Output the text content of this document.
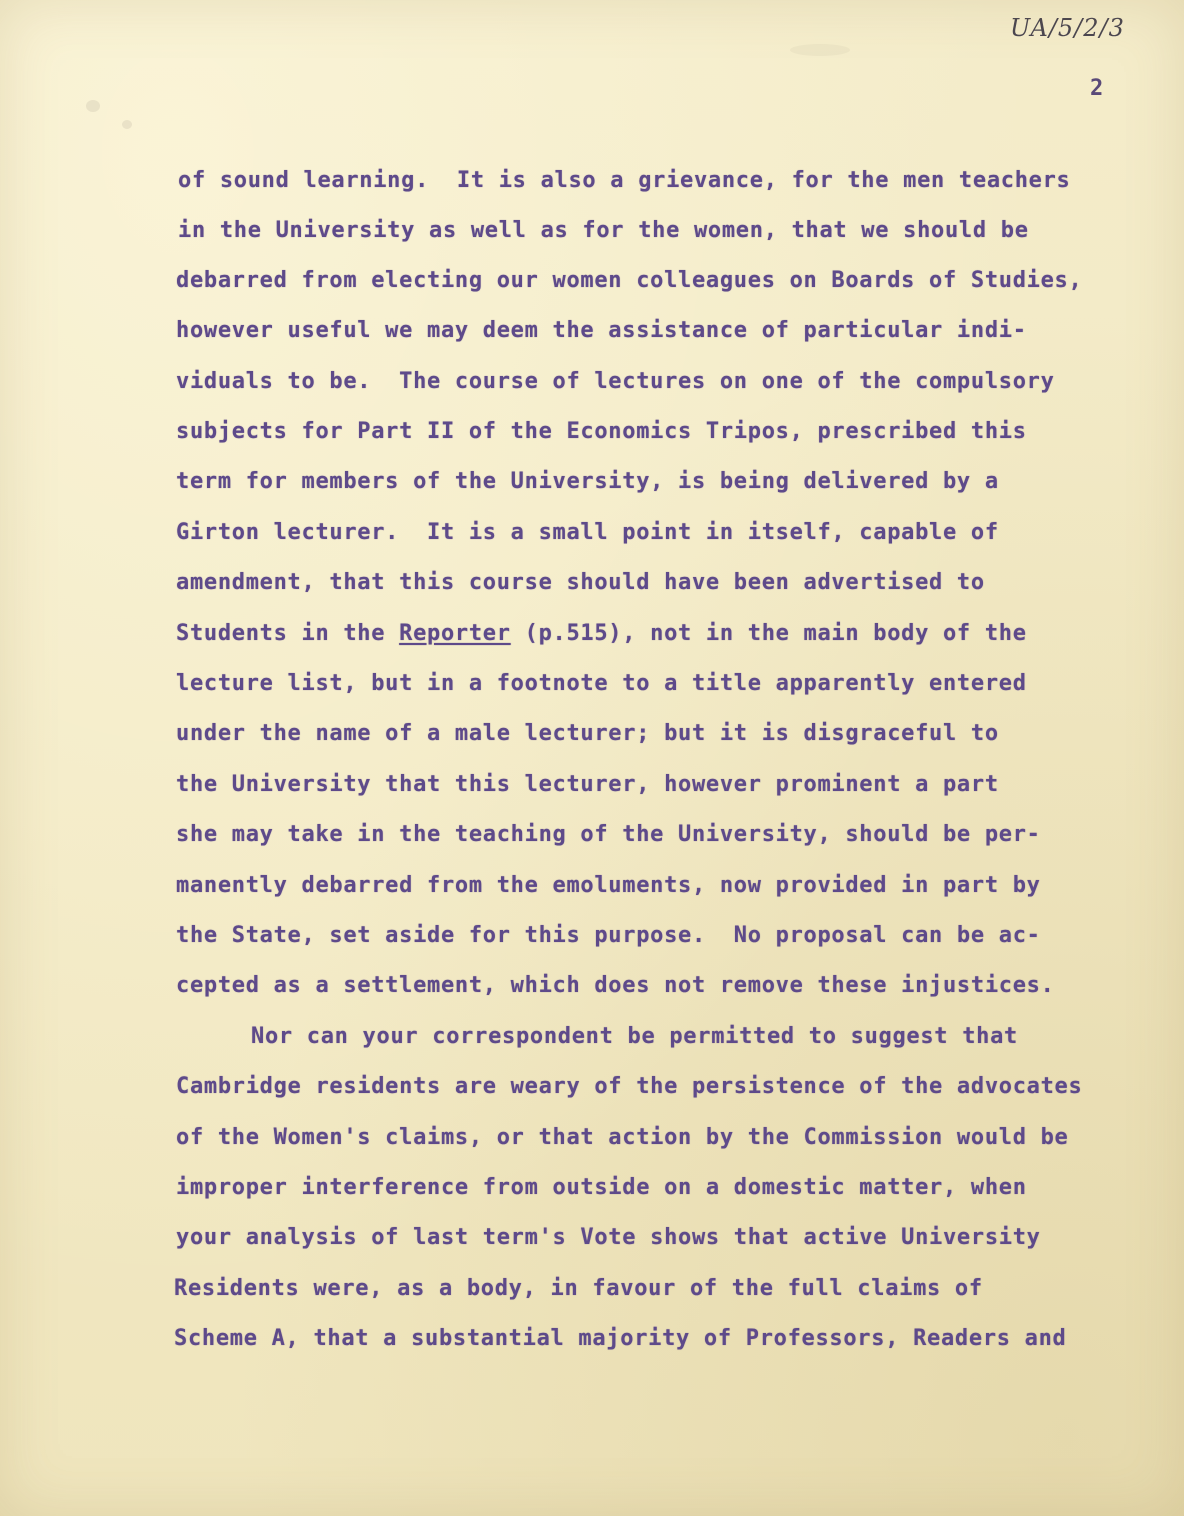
UA/5/2/3
2
of sound learning.  It is also a grievance, for the men teachers
in the University as well as for the women, that we should be
debarred from electing our women colleagues on Boards of Studies,
however useful we may deem the assistance of particular indi-
viduals to be.  The course of lectures on one of the compulsory
subjects for Part II of the Economics Tripos, prescribed this
term for members of the University, is being delivered by a
Girton lecturer.  It is a small point in itself, capable of
amendment, that this course should have been advertised to
Students in the Reporter (p.515), not in the main body of the
lecture list, but in a footnote to a title apparently entered
under the name of a male lecturer; but it is disgraceful to
the University that this lecturer, however prominent a part
she may take in the teaching of the University, should be per-
manently debarred from the emoluments, now provided in part by
the State, set aside for this purpose.  No proposal can be ac-
cepted as a settlement, which does not remove these injustices.
Nor can your correspondent be permitted to suggest that
Cambridge residents are weary of the persistence of the advocates
of the Women's claims, or that action by the Commission would be
improper interference from outside on a domestic matter, when
your analysis of last term's Vote shows that active University
Residents were, as a body, in favour of the full claims of
Scheme A, that a substantial majority of Professors, Readers and
